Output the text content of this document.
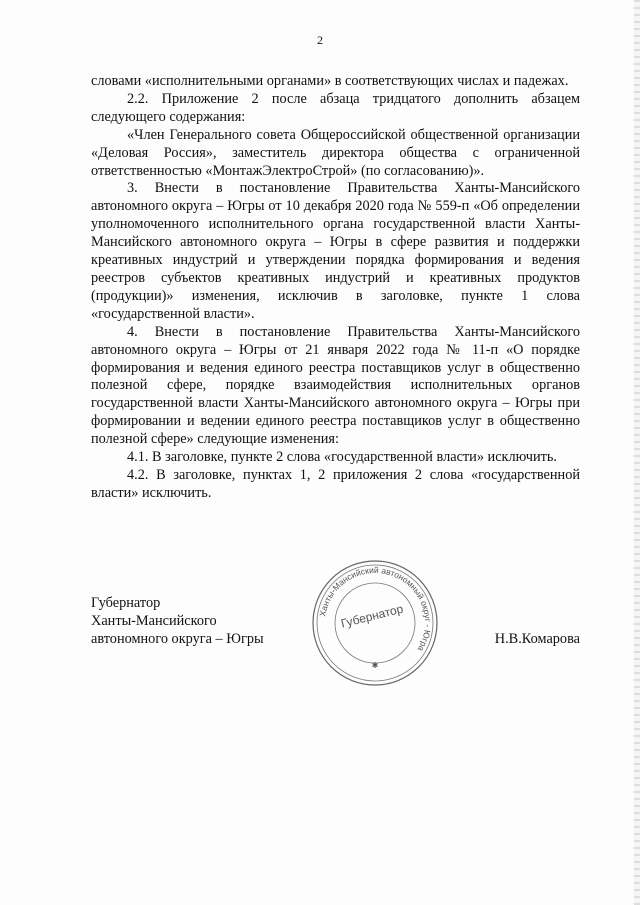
2

словами «исполнительными органами» в соответствующих числах и падежах.

2.2. Приложение 2 после абзаца тридцатого дополнить абзацем следующего содержания:

«Член Генерального совета Общероссийской общественной организации «Деловая Россия», заместитель директора общества с ограниченной ответственностью «МонтажЭлектроСтрой» (по согласованию)».

3. Внести в постановление Правительства Ханты-Мансийского автономного округа – Югры от 10 декабря 2020 года № 559-п «Об определении уполномоченного исполнительного органа государственной власти Ханты-Мансийского автономного округа – Югры в сфере развития и поддержки креативных индустрий и утверждении порядка формирования и ведения реестров субъектов креативных индустрий и креативных продуктов (продукции)» изменения, исключив в заголовке, пункте 1 слова «государственной власти».

4. Внести в постановление Правительства Ханты-Мансийского автономного округа – Югры от 21 января 2022 года № 11-п «О порядке формирования и ведения единого реестра поставщиков услуг в общественно полезной сфере, порядке взаимодействия исполнительных органов государственной власти Ханты-Мансийского автономного округа – Югры при формировании и ведении единого реестра поставщиков услуг в общественно полезной сфере» следующие изменения:

4.1. В заголовке, пункте 2 слова «государственной власти» исключить.

4.2. В заголовке, пунктах 1, 2 приложения 2 слова «государственной власти» исключить.

Ханты-Мансийский автономный округ - Югра
Губернатор
✱

Губернатор

Ханты-Мансийского

автономного округа – Югры	Н.В.Комарова
